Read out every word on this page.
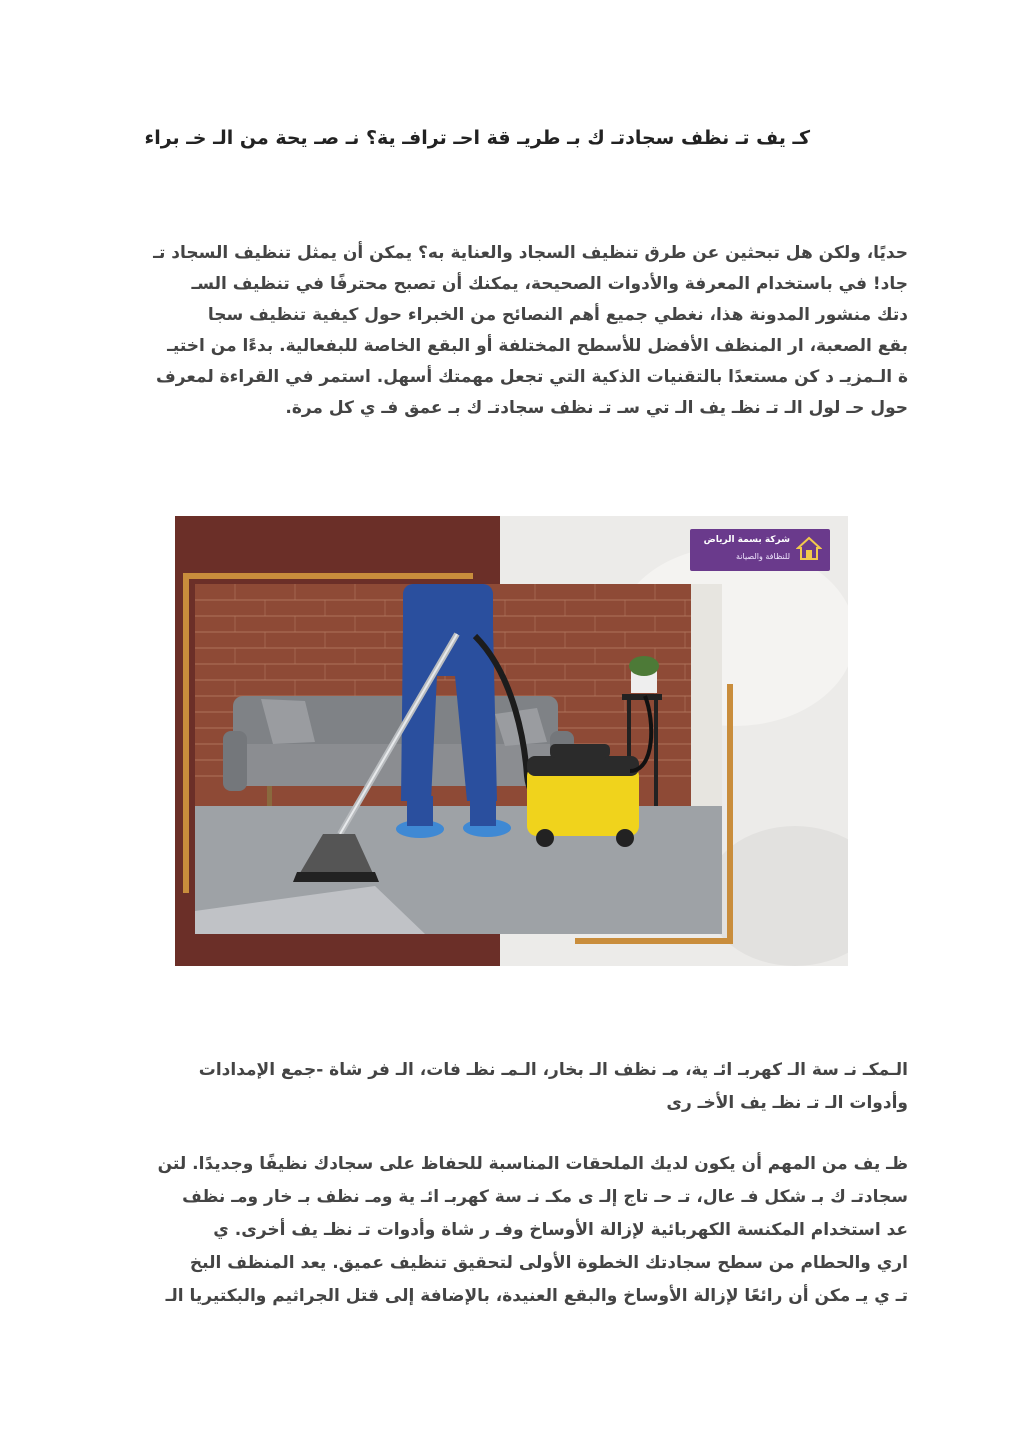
كـ يف تـ نظف سجادتـ ك بـ طريـ قة احـ ترافـ ية؟ نـ صـ يحة من الـ خـ براء
حديًا، ولكن هل تبحثين عن طرق تنظيف السجاد والعناية به؟ يمكن أن يمثل تنظيف السجاد تـ
جاد! في باستخدام المعرفة والأدوات الصحيحة، يمكنك أن تصبح محترفًا في تنظيف السـ
دتك منشور المدونة هذا، نغطي جميع أهم النصائح من الخبراء حول كيفية تنظيف سجا
بقع الصعبة، ار المنظف الأفضل للأسطح المختلفة أو البقع الخاصة للبفعالية. بدءًا من اختيـ
ة الـمزيـ د كن مستعدًا بالتقنيات الذكية التي تجعل مهمتك أسهل. استمر في القراءة لمعرف
حول حـ لول الـ تـ نظـ يف الـ تي سـ تـ نظف سجادتـ ك بـ عمق فـ ي كل مرة.
شركة بسمة الرياض
للنظافة والصيانة
الـمكـ نـ سة الـ كهربـ ائـ ية، مـ نظف الـ بخار، الـمـ نظـ فات، الـ فر شاة -جمع الإمدادات
وأدوات الـ تـ نظـ يف الأخـ رى
ظـ يف من المهم أن يكون لديك الملحقات المناسبة للحفاظ على سجادك نظيفًا وجديدًا. لتن
سجادتـ ك بـ شكل فـ عال، تـ حـ تاج إلـ ى مكـ نـ سة كهربـ ائـ ية ومـ نظف بـ خار ومـ نظف
عد استخدام المكنسة الكهربائية لإزالة الأوساخ وفـ ر شاة وأدوات تـ نظـ يف أخرى. ي
اري والحطام من سطح سجادتك الخطوة الأولى لتحقيق تنظيف عميق. يعد المنظف البخ
تـ ي يـ مكن أن رائعًا لإزالة الأوساخ والبقع العنيدة، بالإضافة إلى قتل الجراثيم والبكتيريا الـ
